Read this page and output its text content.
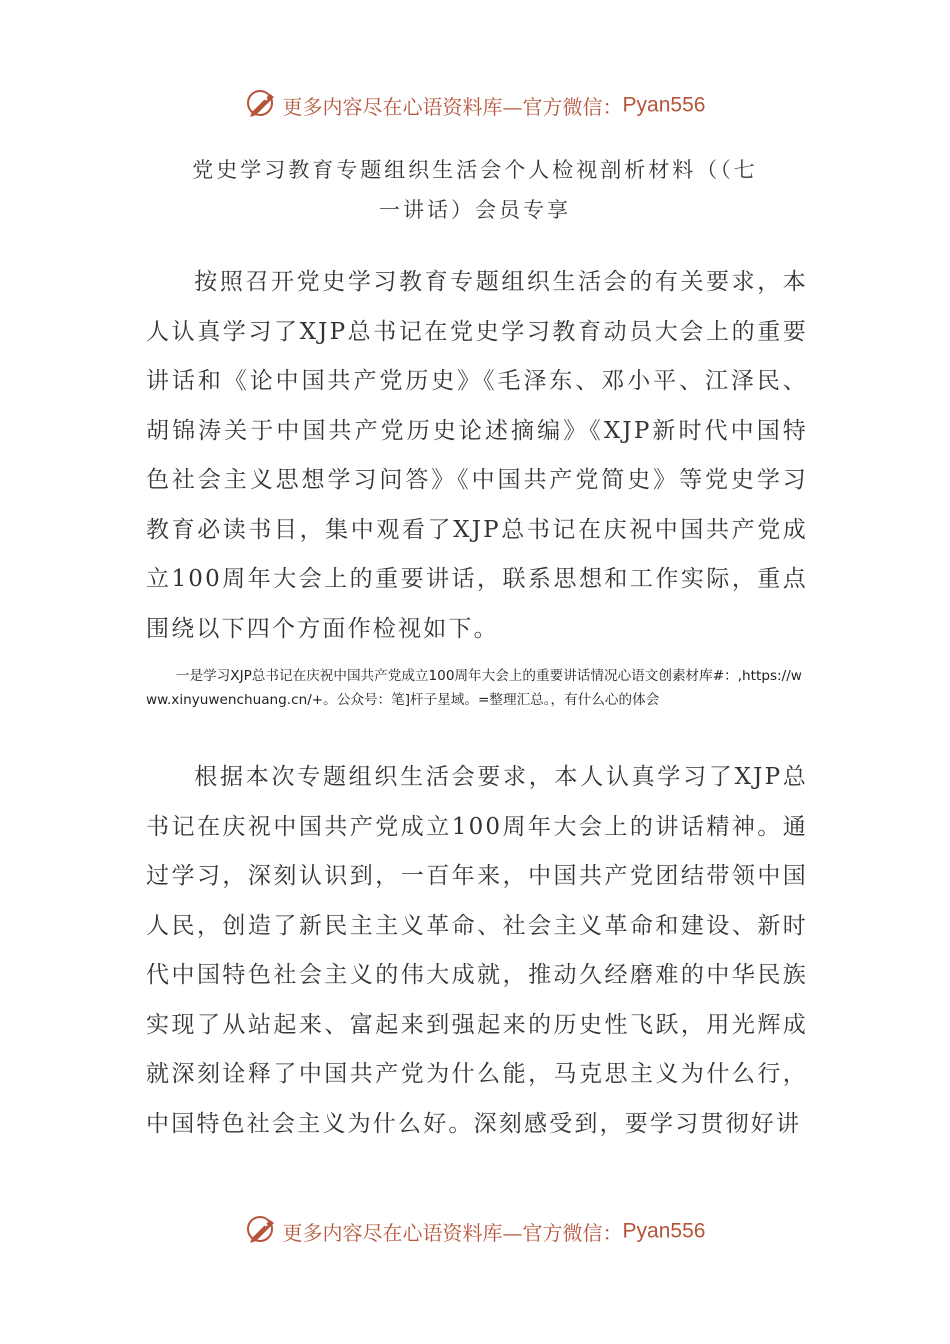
更多内容尽在心语资料库—官方微信：Pyan556
党史学习教育专题组织生活会个人检视剖析材料（（七
一讲话）会员专享

按照召开党史学习教育专题组织生活会的有关要求，本人认真学习了XJP总书记在党史学习教育动员大会上的重要讲话和《论中国共产党历史》《毛泽东、邓小平、江泽民、胡锦涛关于中国共产党历史论述摘编》《XJP新时代中国特色社会主义思想学习问答》《中国共产党简史》等党史学习教育必读书目，集中观看了XJP总书记在庆祝中国共产党成立100周年大会上的重要讲话，联系思想和工作实际，重点围绕以下四个方面作检视如下。

一是学习XJP总书记在庆祝中国共产党成立100周年大会上的重要讲话情况心语文创素材库#：,https://www.xinyuwenchuang.cn/+。公众号：笔]杆子星域。=整理汇总。，有什么心的体会

根据本次专题组织生活会要求，本人认真学习了XJP总书记在庆祝中国共产党成立100周年大会上的讲话精神。通过学习，深刻认识到，一百年来，中国共产党团结带领中国人民，创造了新民主主义革命、社会主义革命和建设、新时代中国特色社会主义的伟大成就，推动久经磨难的中华民族实现了从站起来、富起来到强起来的历史性飞跃，用光辉成就深刻诠释了中国共产党为什么能，马克思主义为什么行，中国特色社会主义为什么好。深刻感受到，要学习贯彻好讲

更多内容尽在心语资料库—官方微信：Pyan556
